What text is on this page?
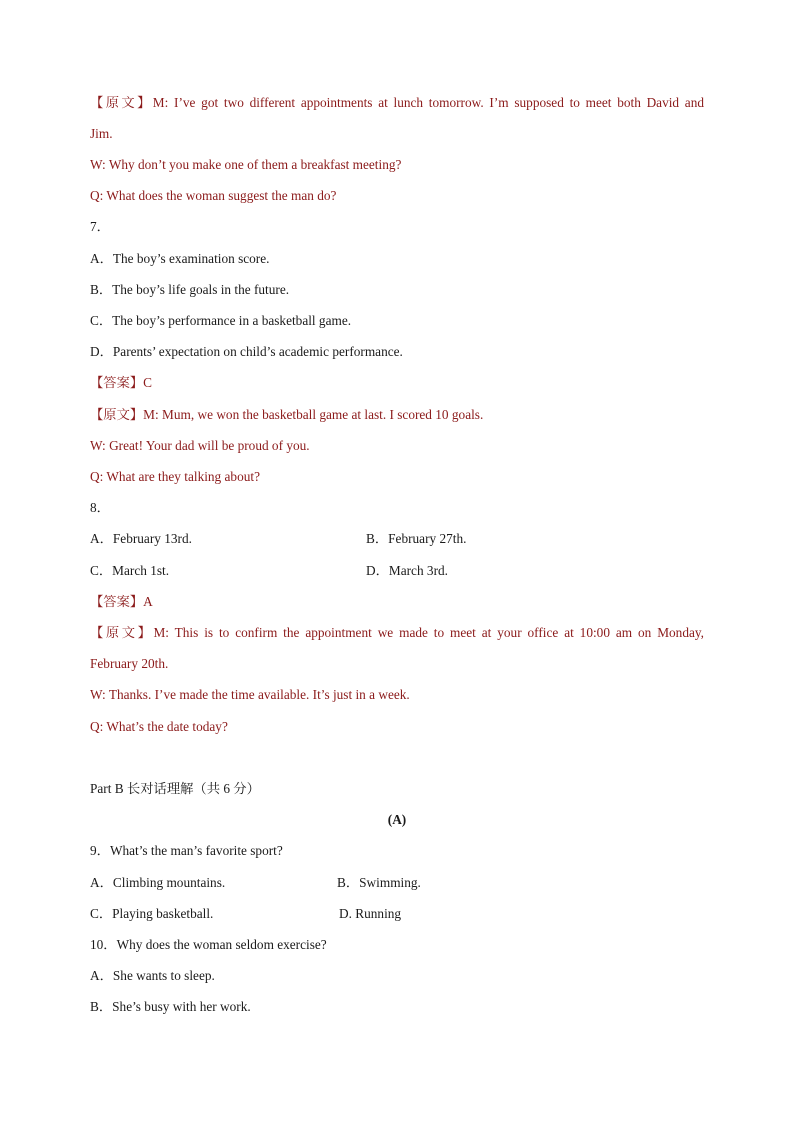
【原文】M: I’ve got two different appointments at lunch tomorrow. I’m supposed to meet both David and
Jim.
W: Why don’t you make one of them a breakfast meeting?
Q: What does the woman suggest the man do?
7．
A．The boy’s examination score.
B．The boy’s life goals in the future.
C．The boy’s performance in a basketball game.
D．Parents’ expectation on child’s academic performance.
【答案】C
【原文】M: Mum, we won the basketball game at last. I scored 10 goals.
W: Great! Your dad will be proud of you.
Q: What are they talking about?
8．
A．February 13rd.	B．February 27th.
C．March 1st.	D．March 3rd.
【答案】A
【原文】M: This is to confirm the appointment we made to meet at your office at 10:00 am on Monday,
February 20th.
W: Thanks. I’ve made the time available. It’s just in a week.
Q: What’s the date today?
Part B 长对话理解（共 6 分）
(A)
9．What’s the man’s favorite sport?
A．Climbing mountains.	B．Swimming.
C．Playing basketball.	D. Running
10．Why does the woman seldom exercise?
A．She wants to sleep.
B．She’s busy with her work.
